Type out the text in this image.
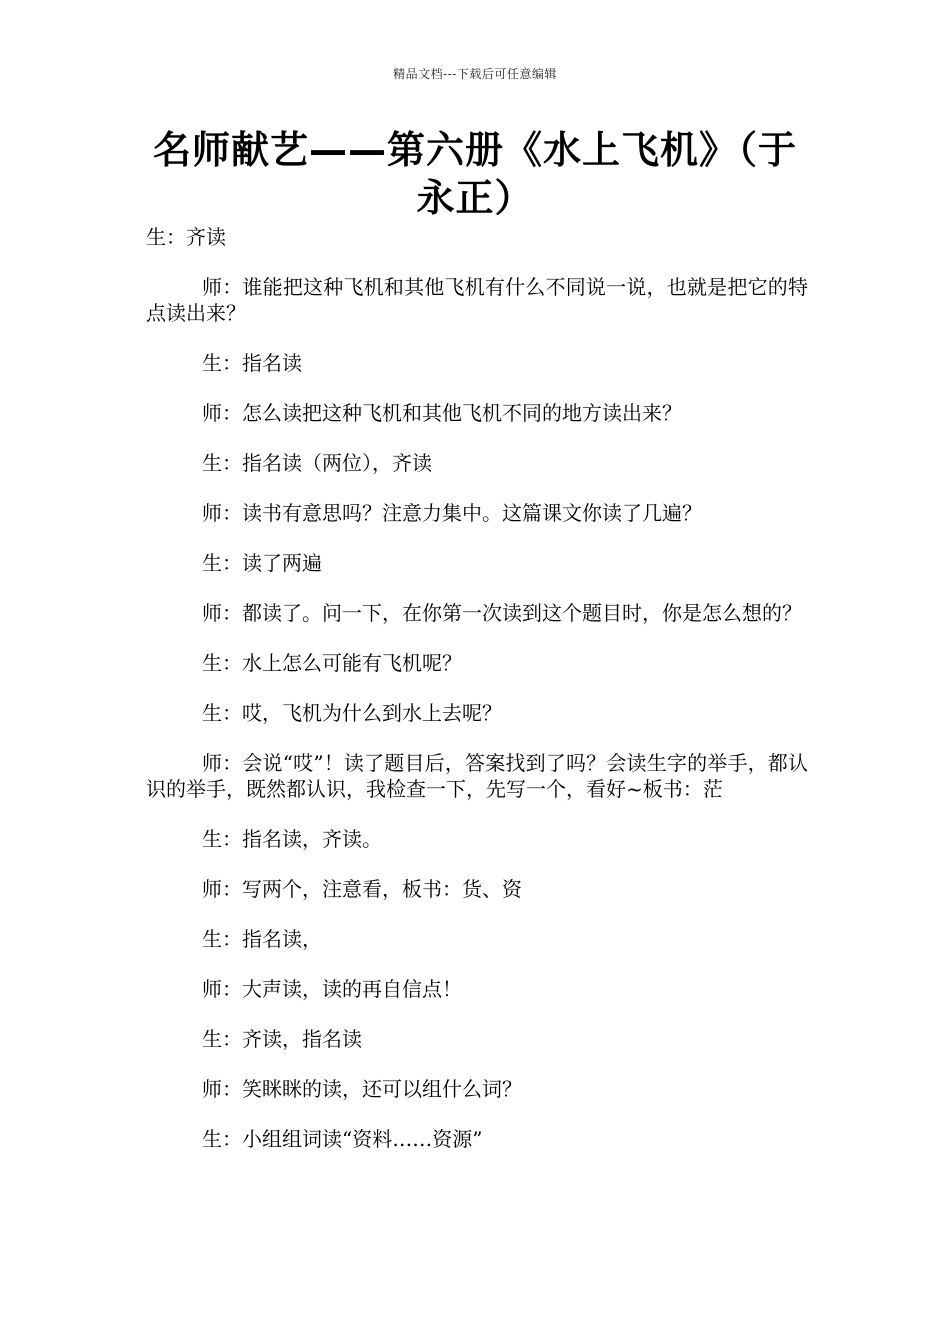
精品文档---下载后可任意编辑
名师献艺——第六册《水上飞机》（于永正）

生：齐读

师：谁能把这种飞机和其他飞机有什么不同说一说，也就是把它的特点读出来？

生：指名读

师：怎么读把这种飞机和其他飞机不同的地方读出来？

生：指名读（两位），齐读

师：读书有意思吗？注意力集中。这篇课文你读了几遍？

生：读了两遍

师：都读了。问一下，在你第一次读到这个题目时，你是怎么想的？

生：水上怎么可能有飞机呢？

生：哎，飞机为什么到水上去呢？

师：会说“哎”！读了题目后，答案找到了吗？会读生字的举手，都认识的举手，既然都认识，我检查一下，先写一个，看好~板书：茫

生：指名读，齐读。

师：写两个，注意看，板书：货、资

生：指名读，

师：大声读，读的再自信点！

生：齐读，指名读

师：笑眯眯的读，还可以组什么词？

生：小组组词读“资料……资源”
